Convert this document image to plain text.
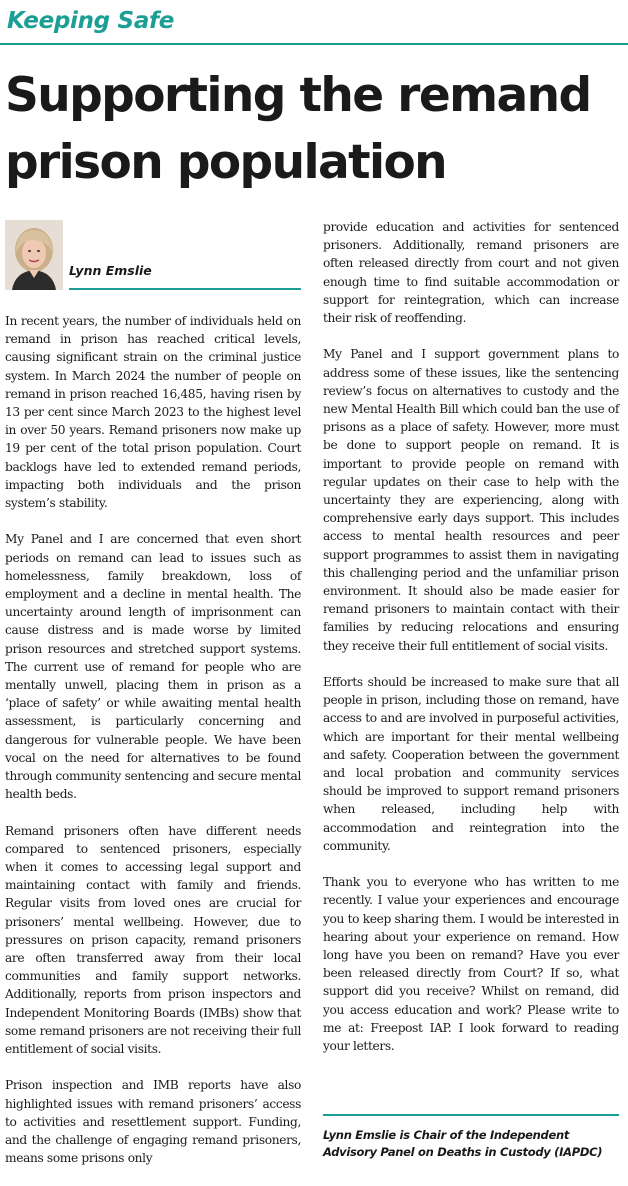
Keeping Safe
Supporting the remand prison population
Lynn Emslie

In recent years, the number of individuals held on remand in prison has reached critical levels, causing significant strain on the criminal justice system. In March 2024 the number of people on remand in prison reached 16,485, having risen by 13 per cent since March 2023 to the highest level in over 50 years. Remand prisoners now make up 19 per cent of the total prison population. Court backlogs have led to extended remand periods, impacting both individuals and the prison system’s stability.

My Panel and I are concerned that even short periods on remand can lead to issues such as homelessness, family breakdown, loss of employment and a decline in mental health. The uncertainty around length of imprisonment can cause distress and is made worse by limited prison resources and stretched support systems. The current use of remand for people who are mentally unwell, placing them in prison as a ‘place of safety’ or while awaiting mental health assessment, is particularly concerning and dangerous for vulnerable people. We have been vocal on the need for alternatives to be found through community sentencing and secure mental health beds.

Remand prisoners often have different needs compared to sentenced prisoners, especially when it comes to accessing legal support and maintaining contact with family and friends. Regular visits from loved ones are crucial for prisoners’ mental wellbeing. However, due to pressures on prison capacity, remand prisoners are often transferred away from their local communities and family support networks. Additionally, reports from prison inspectors and Independent Monitoring Boards (IMBs) show that some remand prisoners are not receiving their full entitlement of social visits.

Prison inspection and IMB reports have also highlighted issues with remand prisoners’ access to activities and resettlement support. Funding, and the challenge of engaging remand prisoners, means some prisons only

provide education and activities for sentenced prisoners. Additionally, remand prisoners are often released directly from court and not given enough time to find suitable accommodation or support for reintegration, which can increase their risk of reoffending.

My Panel and I support government plans to address some of these issues, like the sentencing review’s focus on alternatives to custody and the new Mental Health Bill which could ban the use of prisons as a place of safety. However, more must be done to support people on remand. It is important to provide people on remand with regular updates on their case to help with the uncertainty they are experiencing, along with comprehensive early days support. This includes access to mental health resources and peer support programmes to assist them in navigating this challenging period and the unfamiliar prison environment. It should also be made easier for remand prisoners to maintain contact with their families by reducing relocations and ensuring they receive their full entitlement of social visits.

Efforts should be increased to make sure that all people in prison, including those on remand, have access to and are involved in purposeful activities, which are important for their mental wellbeing and safety. Cooperation between the government and local probation and community services should be improved to support remand prisoners when released, including help with accommodation and reintegration into the community.

Thank you to everyone who has written to me recently. I value your experiences and encourage you to keep sharing them. I would be interested in hearing about your experience on remand. How long have you been on remand? Have you ever been released directly from Court? If so, what support did you receive? Whilst on remand, did you access education and work? Please write to me at: Freepost IAP. I look forward to reading your letters.

Lynn Emslie is Chair of the Independent Advisory Panel on Deaths in Custody (IAPDC)
